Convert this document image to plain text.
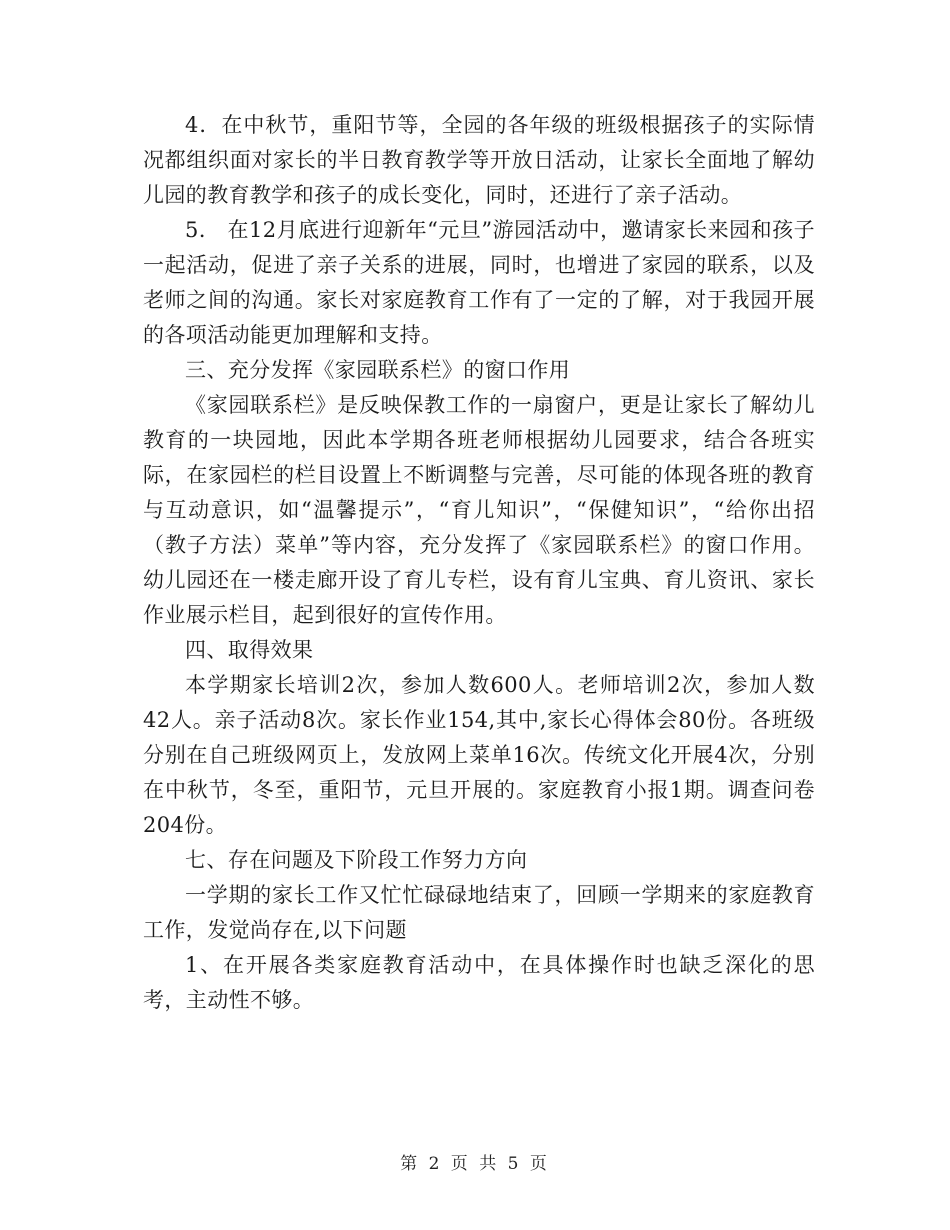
4．在中秋节，重阳节等，全园的各年级的班级根据孩子的实际情况都组织面对家长的半日教育教学等开放日活动，让家长全面地了解幼儿园的教育教学和孩子的成长变化，同时，还进行了亲子活动。

5． 在12月底进行迎新年“元旦”游园活动中，邀请家长来园和孩子一起活动，促进了亲子关系的进展，同时，也增进了家园的联系，以及老师之间的沟通。家长对家庭教育工作有了一定的了解，对于我园开展的各项活动能更加理解和支持。

三、充分发挥《家园联系栏》的窗口作用

《家园联系栏》是反映保教工作的一扇窗户，更是让家长了解幼儿教育的一块园地，因此本学期各班老师根据幼儿园要求，结合各班实际，在家园栏的栏目设置上不断调整与完善，尽可能的体现各班的教育与互动意识，如“温馨提示”，“育儿知识”，“保健知识”，“给你出招（教子方法）菜单”等内容，充分发挥了《家园联系栏》的窗口作用。幼儿园还在一楼走廊开设了育儿专栏，设有育儿宝典、育儿资讯、家长作业展示栏目，起到很好的宣传作用。

四、取得效果

本学期家长培训2次，参加人数600人。老师培训2次，参加人数42人。亲子活动8次。家长作业154,其中,家长心得体会80份。各班级分别在自己班级网页上，发放网上菜单16次。传统文化开展4次，分别在中秋节，冬至，重阳节，元旦开展的。家庭教育小报1期。调查问卷204份。

七、存在问题及下阶段工作努力方向

一学期的家长工作又忙忙碌碌地结束了，回顾一学期来的家庭教育工作，发觉尚存在,以下问题

1、在开展各类家庭教育活动中，在具体操作时也缺乏深化的思考，主动性不够。

第 2 页 共 5 页
